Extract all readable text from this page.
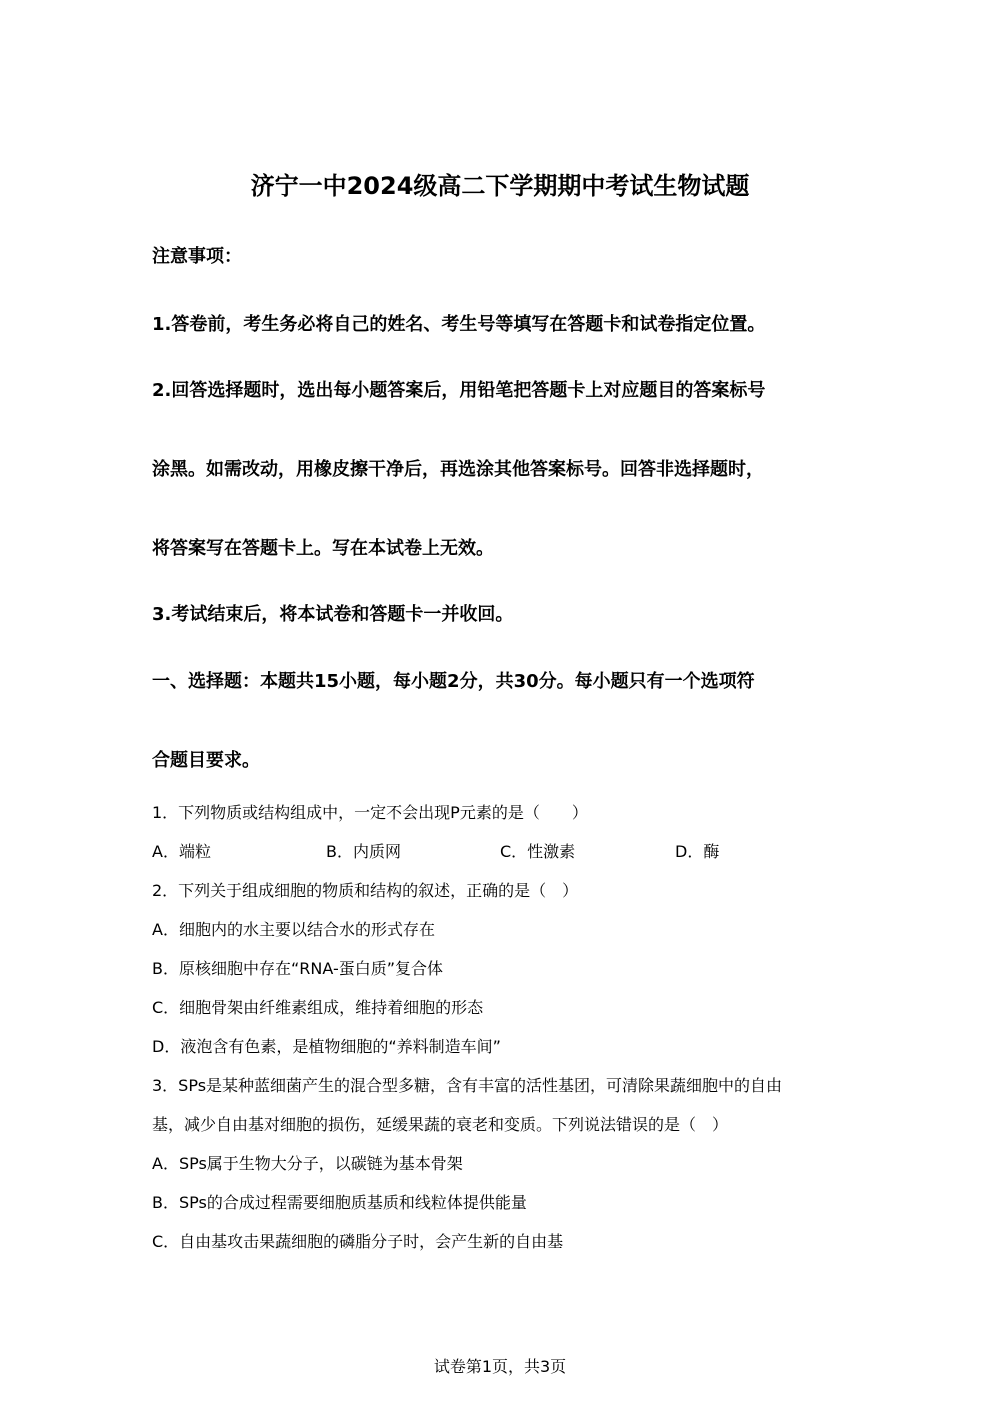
济宁一中2024级高二下学期期中考试生物试题

注意事项：

1.答卷前，考生务必将自己的姓名、考生号等填写在答题卡和试卷指定位置。

2.回答选择题时，选出每小题答案后，用铅笔把答题卡上对应题目的答案标号

涂黑。如需改动，用橡皮擦干净后，再选涂其他答案标号。回答非选择题时，

将答案写在答题卡上。写在本试卷上无效。

3.考试结束后，将本试卷和答题卡一并收回。

一、选择题：本题共15小题，每小题2分，共30分。每小题只有一个选项符

合题目要求。

1．下列物质或结构组成中，一定不会出现P元素的是（　　）

A．端粒	B．内质网	C．性激素	D．酶

2．下列关于组成细胞的物质和结构的叙述，正确的是（　）

A．细胞内的水主要以结合水的形式存在

B．原核细胞中存在“RNA-蛋白质”复合体

C．细胞骨架由纤维素组成，维持着细胞的形态

D．液泡含有色素，是植物细胞的“养料制造车间”

3．SPs是某种蓝细菌产生的混合型多糖，含有丰富的活性基团，可清除果蔬细胞中的自由

基，减少自由基对细胞的损伤，延缓果蔬的衰老和变质。下列说法错误的是（　）

A．SPs属于生物大分子，以碳链为基本骨架

B．SPs的合成过程需要细胞质基质和线粒体提供能量

C．自由基攻击果蔬细胞的磷脂分子时，会产生新的自由基

试卷第1页，共3页
